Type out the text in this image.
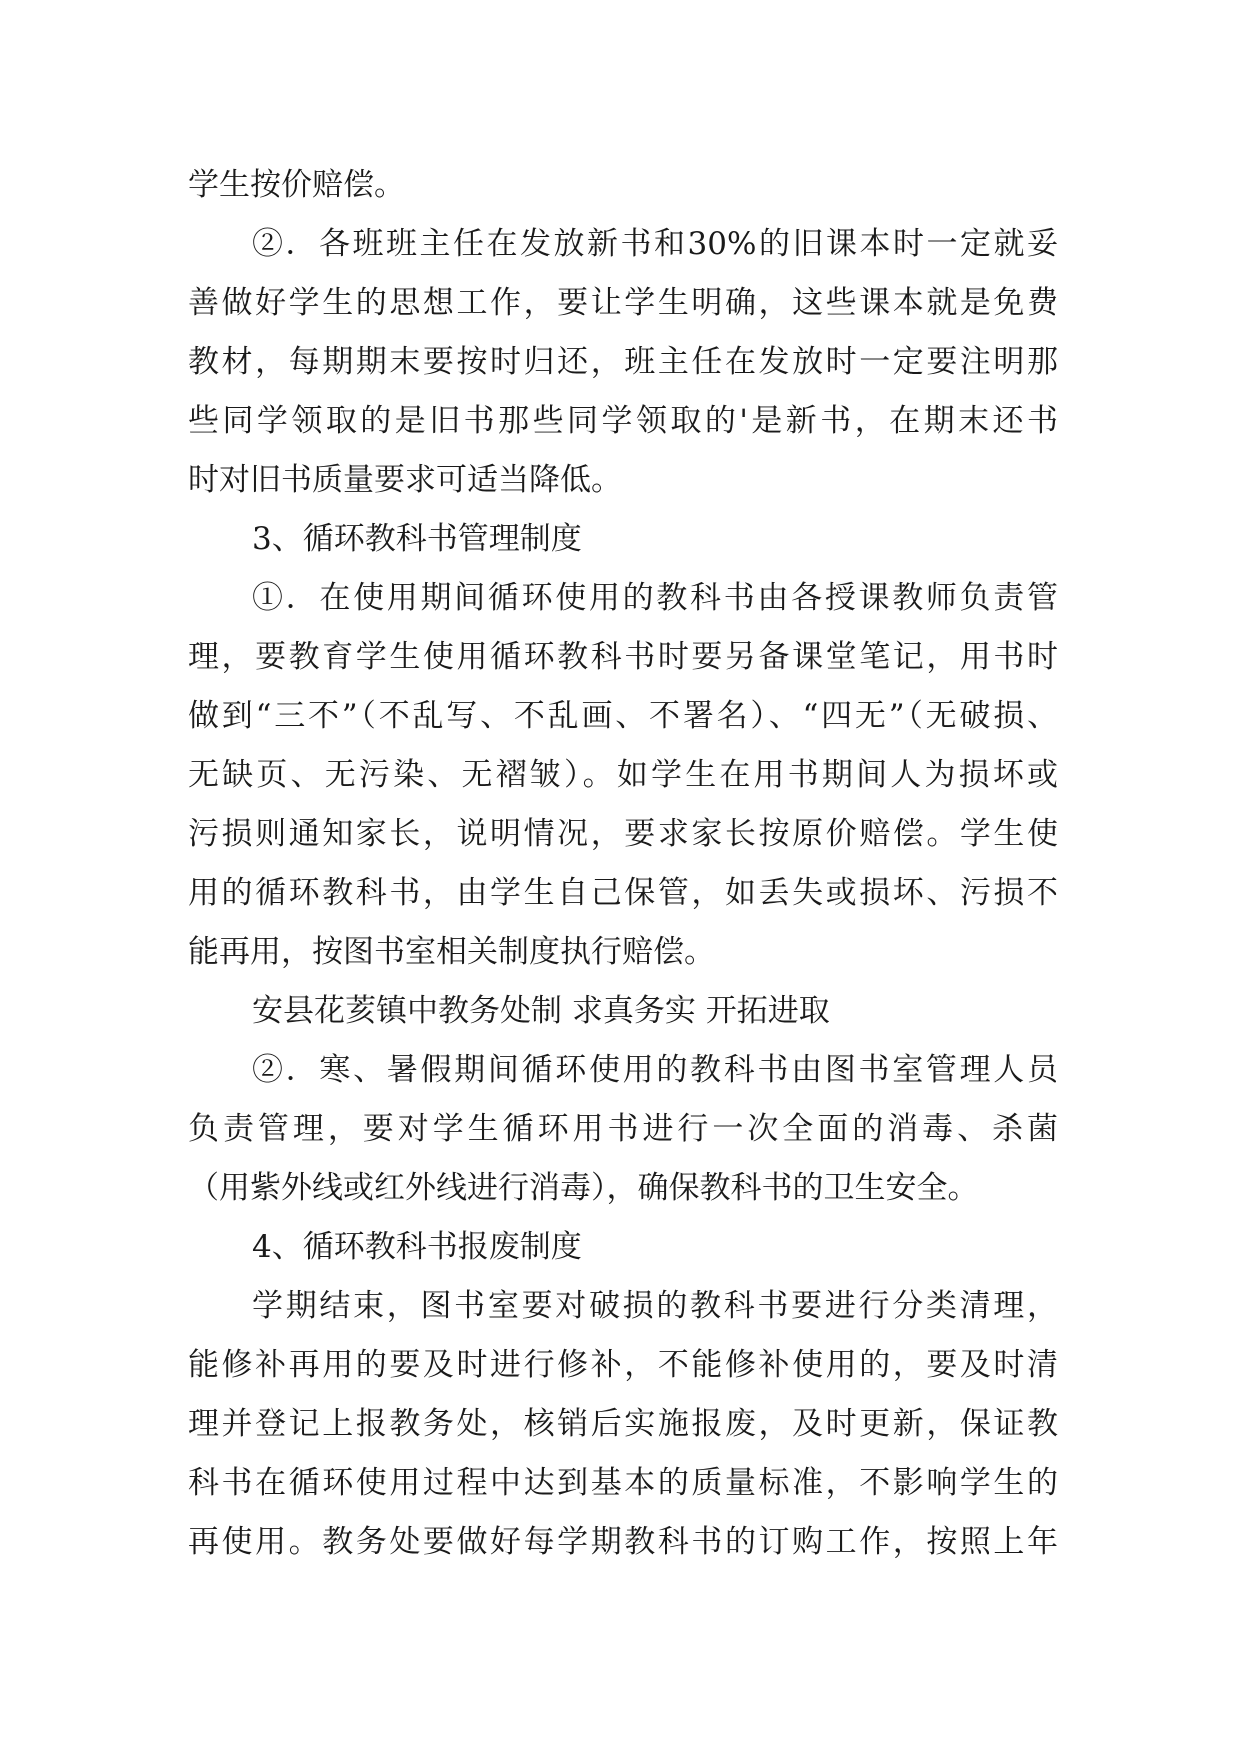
学生按价赔偿。
②．各班班主任在发放新书和30%的旧课本时一定就妥
善做好学生的思想工作，要让学生明确，这些课本就是免费
教材，每期期末要按时归还，班主任在发放时一定要注明那
些同学领取的是旧书那些同学领取的'是新书，在期末还书
时对旧书质量要求可适当降低。
3、循环教科书管理制度
①．在使用期间循环使用的教科书由各授课教师负责管
理，要教育学生使用循环教科书时要另备课堂笔记，用书时
做到“三不”（不乱写、不乱画、不署名）、“四无”（无破损、
无缺页、无污染、无褶皱）。如学生在用书期间人为损坏或
污损则通知家长，说明情况，要求家长按原价赔偿。学生使
用的循环教科书，由学生自己保管，如丢失或损坏、污损不
能再用，按图书室相关制度执行赔偿。
安县花荄镇中教务处制 求真务实 开拓进取
②．寒、暑假期间循环使用的教科书由图书室管理人员
负责管理，要对学生循环用书进行一次全面的消毒、杀菌
（用紫外线或红外线进行消毒），确保教科书的卫生安全。
4、循环教科书报废制度
学期结束，图书室要对破损的教科书要进行分类清理，
能修补再用的要及时进行修补，不能修补使用的，要及时清
理并登记上报教务处，核销后实施报废，及时更新，保证教
科书在循环使用过程中达到基本的质量标准，不影响学生的
再使用。教务处要做好每学期教科书的订购工作，按照上年
